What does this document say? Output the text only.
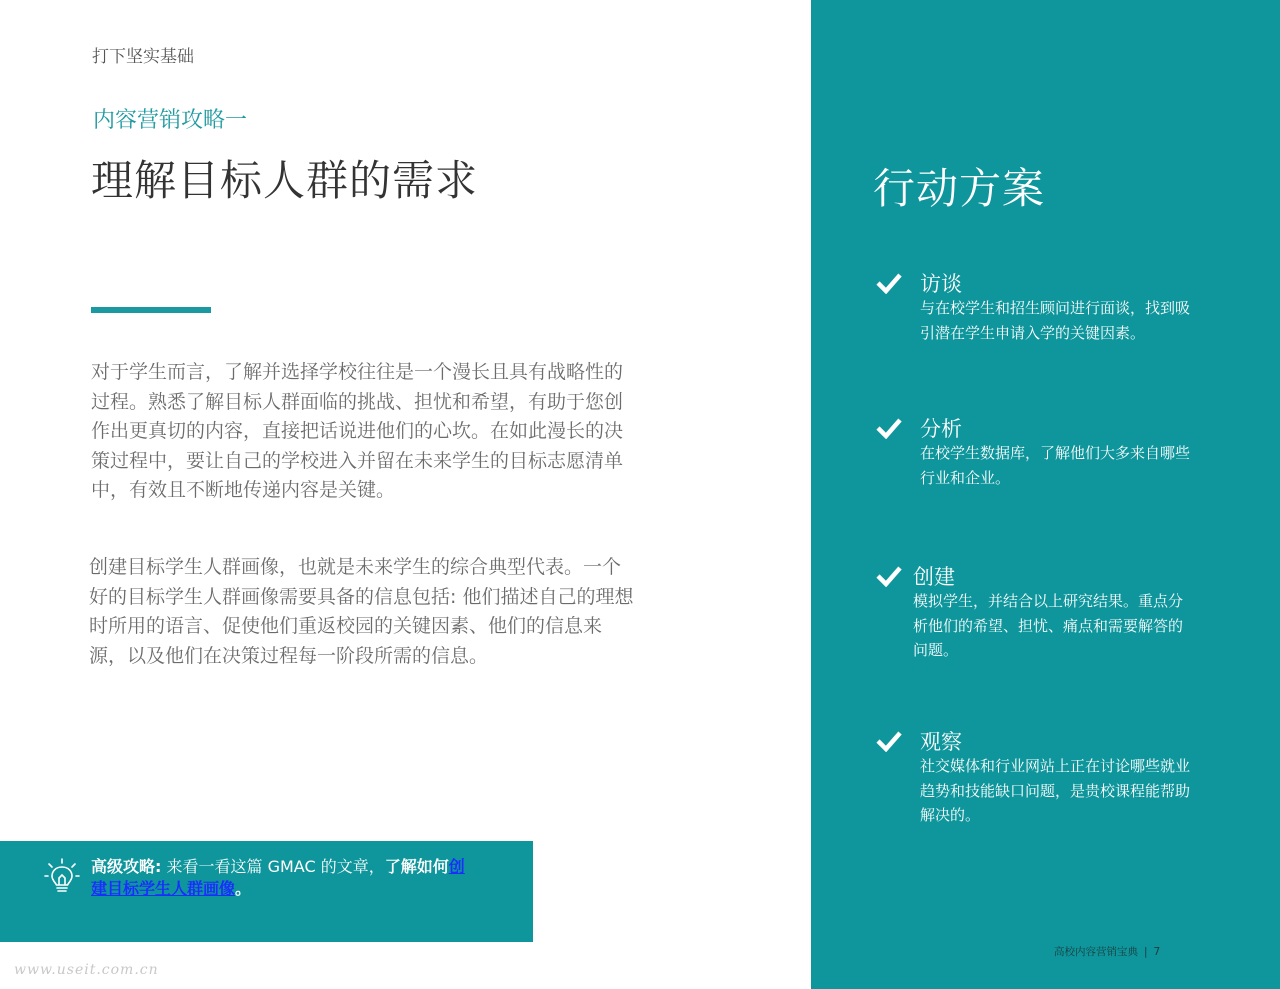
打下坚实基础
内容营销攻略一
理解目标人群的需求

对于学生而言，了解并选择学校往往是一个漫长且具有战略性的过程。熟悉了解目标人群面临的挑战、担忧和希望，有助于您创作出更真切的内容，直接把话说进他们的心坎。在如此漫长的决策过程中，要让自己的学校进入并留在未来学生的目标志愿清单中，有效且不断地传递内容是关键。

创建目标学生人群画像，也就是未来学生的综合典型代表。一个好的目标学生人群画像需要具备的信息包括: 他们描述自己的理想时所用的语言、促使他们重返校园的关键因素、他们的信息来源，以及他们在决策过程每一阶段所需的信息。

高级攻略: 来看一看这篇 GMAC 的文章，了解如何创建目标学生人群画像。

www.useit.com.cn
行动方案
访谈

与在校学生和招生顾问进行面谈，找到吸引潜在学生申请入学的关键因素。

分析

在校学生数据库，了解他们大多来自哪些行业和企业。

创建

模拟学生，并结合以上研究结果。重点分析他们的希望、担忧、痛点和需要解答的问题。

观察

社交媒体和行业网站上正在讨论哪些就业趋势和技能缺口问题，是贵校课程能帮助解决的。

高校内容营销宝典 | 7
